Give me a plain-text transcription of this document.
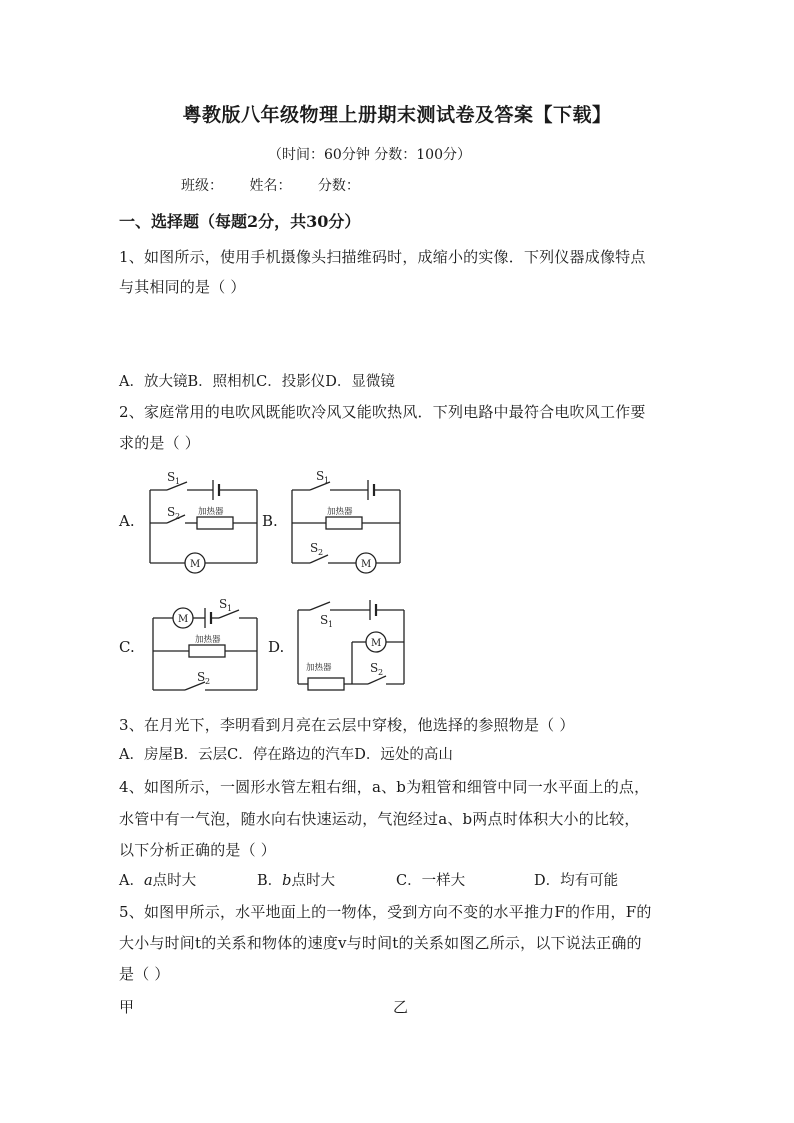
粤教版八年级物理上册期末测试卷及答案【下载】
（时间：60分钟 分数：100分）
班级： 姓名： 分数：
一、选择题（每题2分，共30分）
1、如图所示，使用手机摄像头扫描维码时，成缩小的实像．下列仪器成像特点
与其相同的是（ ）
A．放大镜B．照相机C．投影仪D．显微镜
2、家庭常用的电吹风既能吹冷风又能吹热风．下列电路中最符合电吹风工作要
求的是（ ）
A.	B.
C.	D.
S 1
S 2 加热器
M
S 1
S 2
加热器
M
M
S 1
加热器
S 2
S 1
M
加热器	S 2
3、在月光下，李明看到月亮在云层中穿梭，他选择的参照物是（ ）
A．房屋B．云层C．停在路边的汽车D．远处的高山
4、如图所示，一圆形水管左粗右细，a、b为粗管和细管中同一水平面上的点，
水管中有一气泡，随水向右快速运动，气泡经过a、b两点时体积大小的比较，
以下分析正确的是（ ）
A．a点时大	B．b点时大	C．一样大	D．均有可能
5、如图甲所示，水平地面上的一物体，受到方向不变的水平推力F的作用，F的
大小与时间t的关系和物体的速度v与时间t的关系如图乙所示，以下说法正确的
是（ ）
甲	乙
